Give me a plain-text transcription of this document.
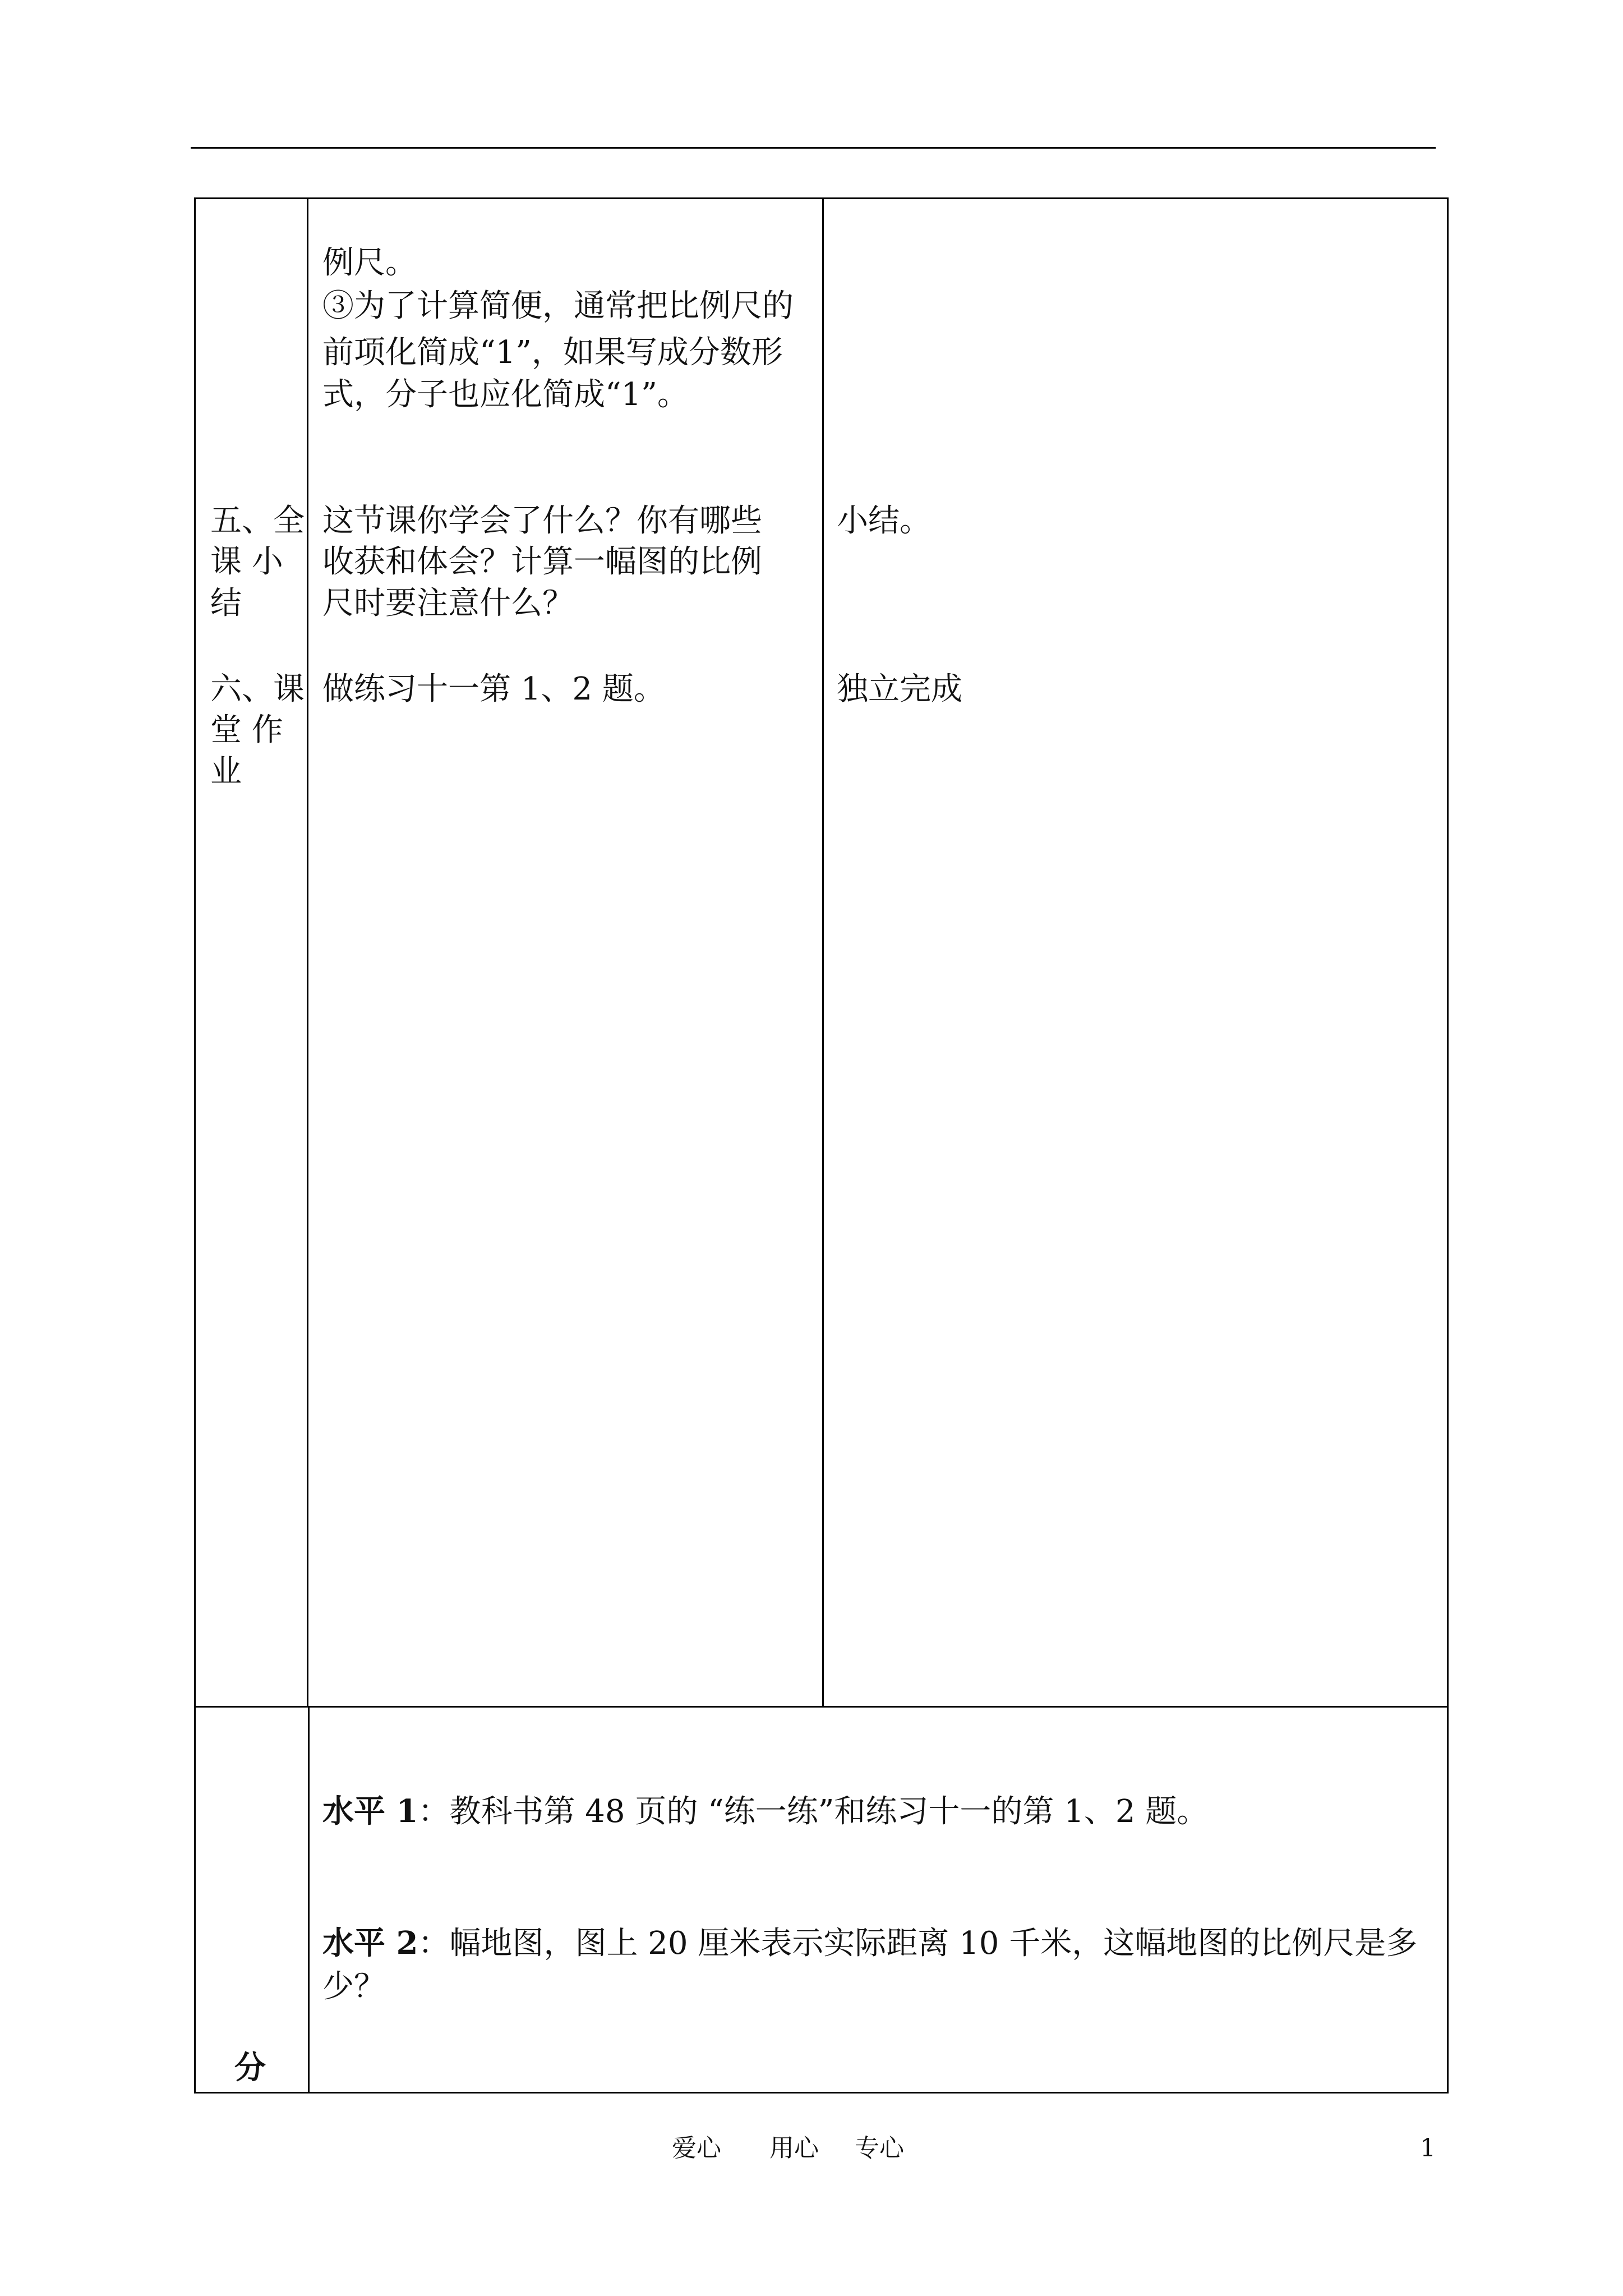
五、全
课 小
结
六、课
堂 作
业
例尺。
③为了计算简便，通常把比例尺的
前项化简成“1”，如果写成分数形
式，分子也应化简成“1”。
这节课你学会了什么？你有哪些
收获和体会？计算一幅图的比例
尺时要注意什么？
做练习十一第 1、2 题。
小结。
独立完成
分
水平 1：教科书第 48 页的 “练一练”和练习十一的第 1、2 题。
水平 2：幅地图，图上 20 厘米表示实际距离 10 千米，这幅地图的比例尺是多
少？
爱心 用心 专心	1
